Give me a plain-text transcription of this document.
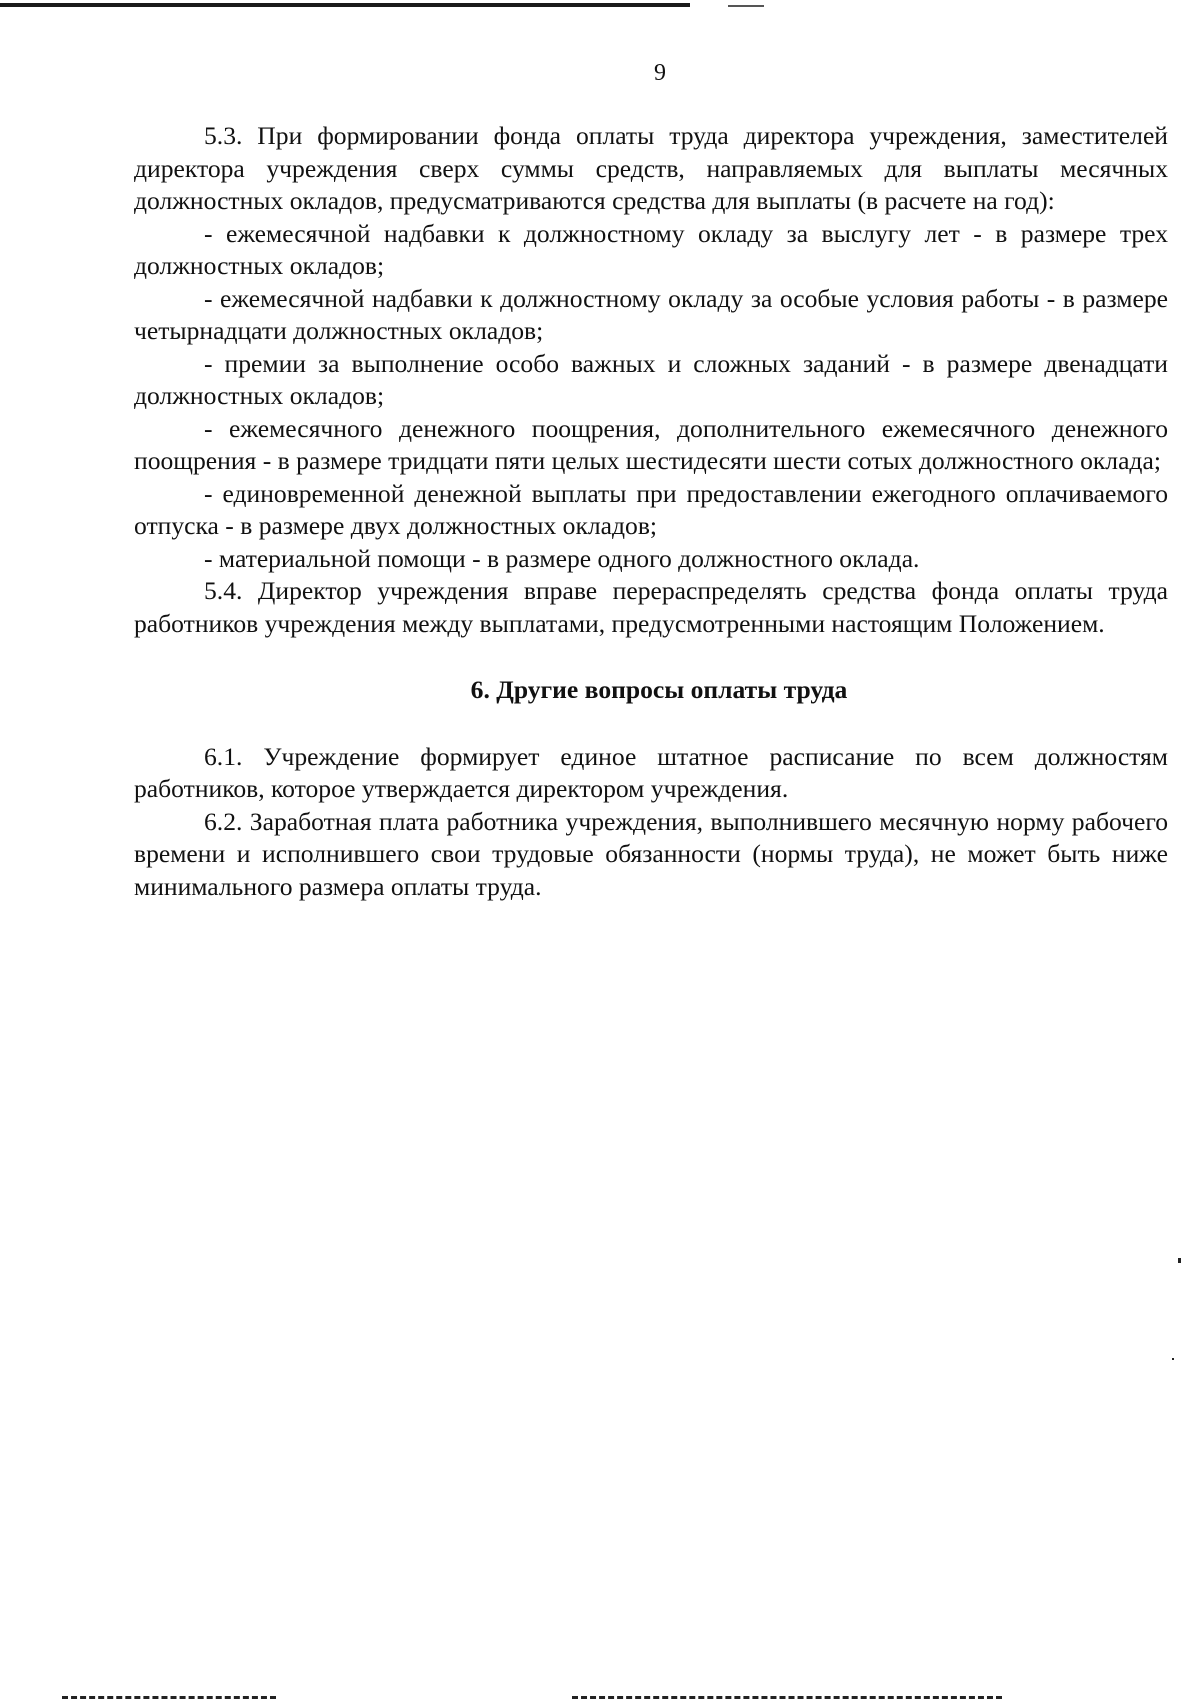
9

5.3. При формировании фонда оплаты труда директора учреждения, заместителей директора учреждения сверх суммы средств, направляемых для выплаты месячных должностных окладов, предусматриваются средства для выплаты (в расчете на год):

- ежемесячной надбавки к должностному окладу за выслугу лет - в размере трех должностных окладов;

- ежемесячной надбавки к должностному окладу за особые условия работы - в размере четырнадцати должностных окладов;

- премии за выполнение особо важных и сложных заданий - в размере двенадцати должностных окладов;

- ежемесячного денежного поощрения, дополнительного ежемесячного денежного поощрения - в размере тридцати пяти целых шестидесяти шести сотых должностного оклада;

- единовременной денежной выплаты при предоставлении ежегодного оплачиваемого отпуска - в размере двух должностных окладов;

- материальной помощи - в размере одного должностного оклада.

5.4. Директор учреждения вправе перераспределять средства фонда оплаты труда работников учреждения между выплатами, предусмотренными настоящим Положением.

6. Другие вопросы оплаты труда

6.1. Учреждение формирует единое штатное расписание по всем должностям работников, которое утверждается директором учреждения.

6.2. Заработная плата работника учреждения, выполнившего месячную норму рабочего времени и исполнившего свои трудовые обязанности (нормы труда), не может быть ниже минимального размера оплаты труда.
